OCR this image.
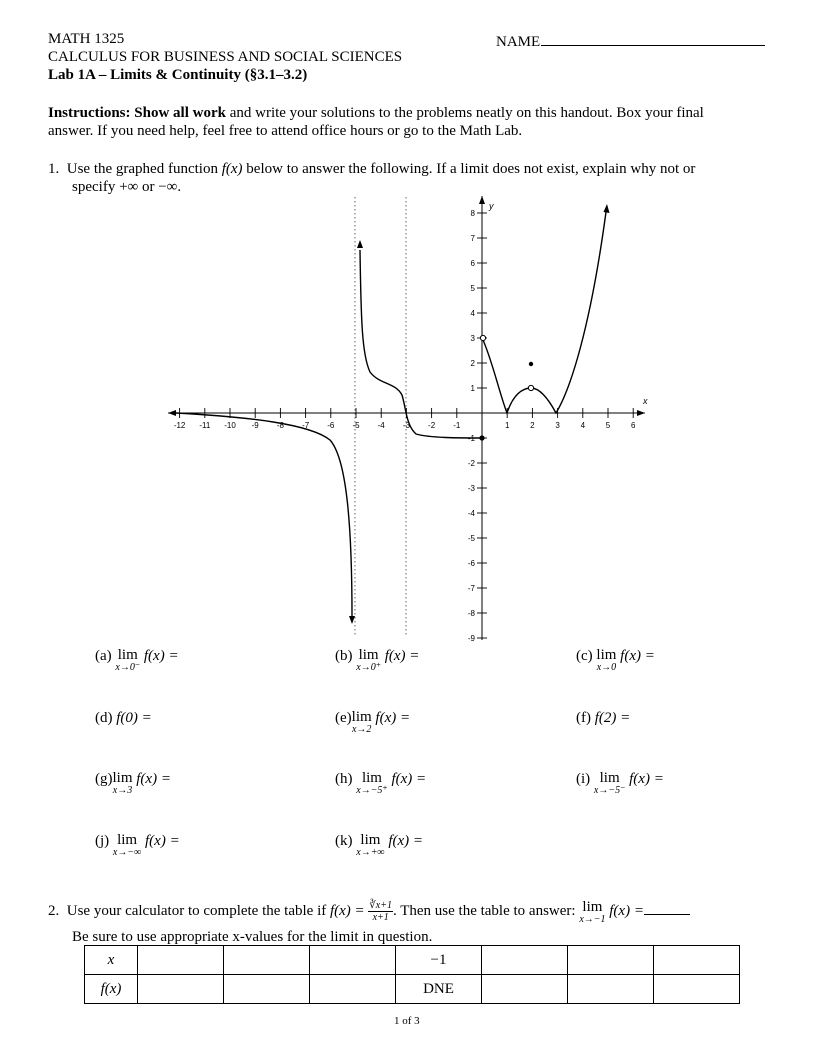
MATH 1325
CALCULUS FOR BUSINESS AND SOCIAL SCIENCES
Lab 1A – Limits & Continuity (§3.1–3.2)
NAME
Instructions: Show all work and write your solutions to the problems neatly on this handout. Box your final
answer. If you need help, feel free to attend office hours or go to the Math Lab.
1. Use the graphed function f(x) below to answer the following. If a limit does not exist, explain why not or
specify +∞ or −∞.
-12 -11 -10 -9 -8 -7 -6 -5 -4 -3 -2 -1	1	2	3	4	5	6
8
7
6
5
4
3
2
1
-1
-2
-3
-4
-5
-6
-7
-8
-9
x
y
(a) lim
x→0⁻
f(x) =	(b) lim
x→0⁺
f(x) =	(c) lim
x→0
f(x) =
(d) f(0) =	(e)lim
x→2
f(x) =	(f) f(2) =
(g)lim
x→3
f(x) =	(h) lim
x→−5⁺
f(x) =	(i) lim
x→−5⁻
f(x) =
(j) lim
x→−∞
f(x) =	(k) lim
x→+∞
f(x) =
2. Use your calculator to complete the table if $f(x) = \frac{∛x+1}{x+1}$ . Then use the table to answer: lim
x→−1
f(x) =
Be sure to use appropriate x-values for the limit in question.
x				−1			
f(x)				DNE			
1 of 3
